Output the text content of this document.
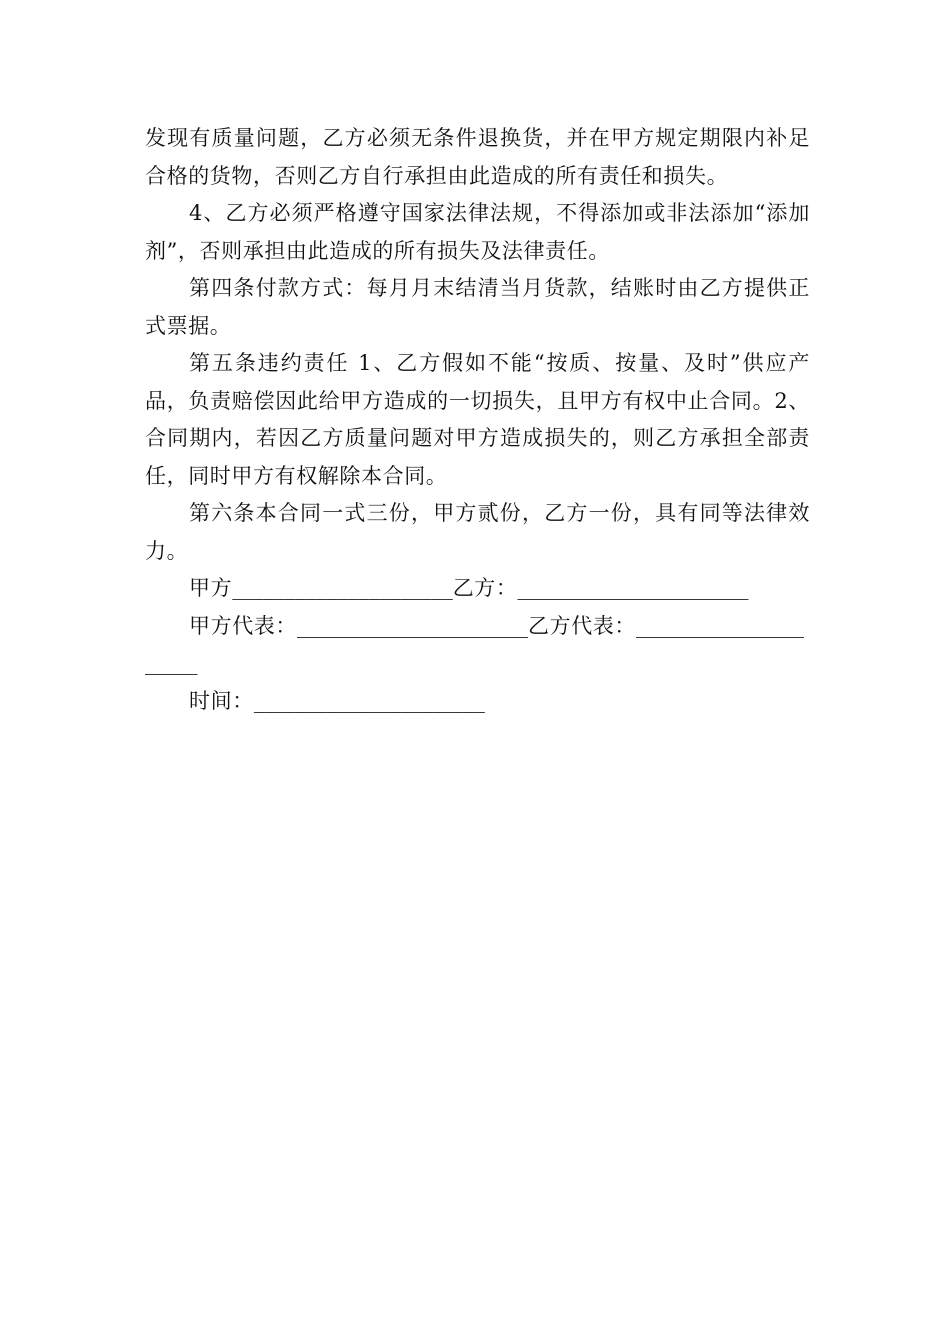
发现有质量问题，乙方必须无条件退换货，并在甲方规定期限内补足合格的货物，否则乙方自行承担由此造成的所有责任和损失。

4、乙方必须严格遵守国家法律法规，不得添加或非法添加“添加剂”，否则承担由此造成的所有损失及法律责任。

第四条付款方式：每月月末结清当月货款，结账时由乙方提供正式票据。

第五条违约责任 1、乙方假如不能“按质、按量、及时”供应产品，负责赔偿因此给甲方造成的一切损失，且甲方有权中止合同。2、合同期内，若因乙方质量问题对甲方造成损失的，则乙方承担全部责任，同时甲方有权解除本合同。

第六条本合同一式三份，甲方贰份，乙方一份，具有同等法律效力。

甲方_____________________乙方：______________________

甲方代表：______________________乙方代表：_____________________

时间：______________________
